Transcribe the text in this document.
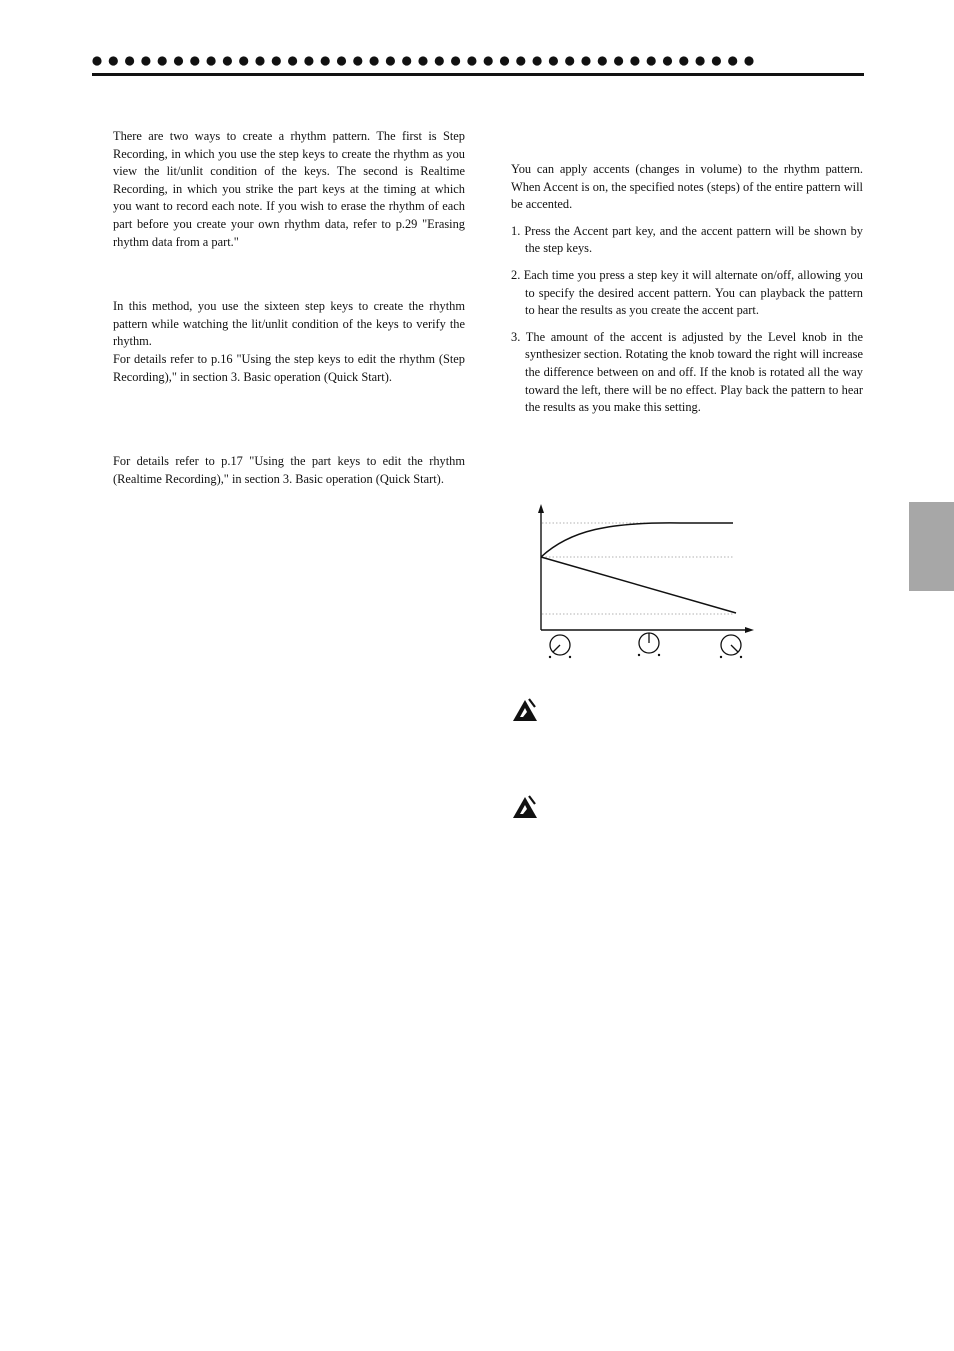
There are two ways to create a rhythm pattern. The first is Step Recording, in which you use the step keys to create the rhythm as you view the lit/unlit condition of the keys. The second is Realtime Recording, in which you strike the part keys at the timing at which you want to record each note. If you wish to erase the rhythm of each part before you create your own rhythm data, refer to p.29 "Erasing rhythm data from a part."

In this method, you use the sixteen step keys to create the rhythm pattern while watching the lit/unlit condition of the keys to verify the rhythm.

For details refer to p.16 "Using the step keys to edit the rhythm (Step Recording)," in section 3. Basic operation (Quick Start).

For details refer to p.17 "Using the part keys to edit the rhythm (Realtime Recording)," in section 3. Basic operation (Quick Start).

You can apply accents (changes in volume) to the rhythm pattern. When Accent is on, the specified notes (steps) of the entire pattern will be accented.

1. Press the Accent part key, and the accent pattern will be shown by the step keys.

2. Each time you press a step key it will alternate on/off, allowing you to specify the desired accent pattern. You can playback the pattern to hear the results as you create the accent part.

3. The amount of the accent is adjusted by the Level knob in the synthesizer section. Rotating the knob toward the right will increase the difference between on and off. If the knob is rotated all the way toward the left, there will be no effect. Play back the pattern to hear the results as you make this setting.
